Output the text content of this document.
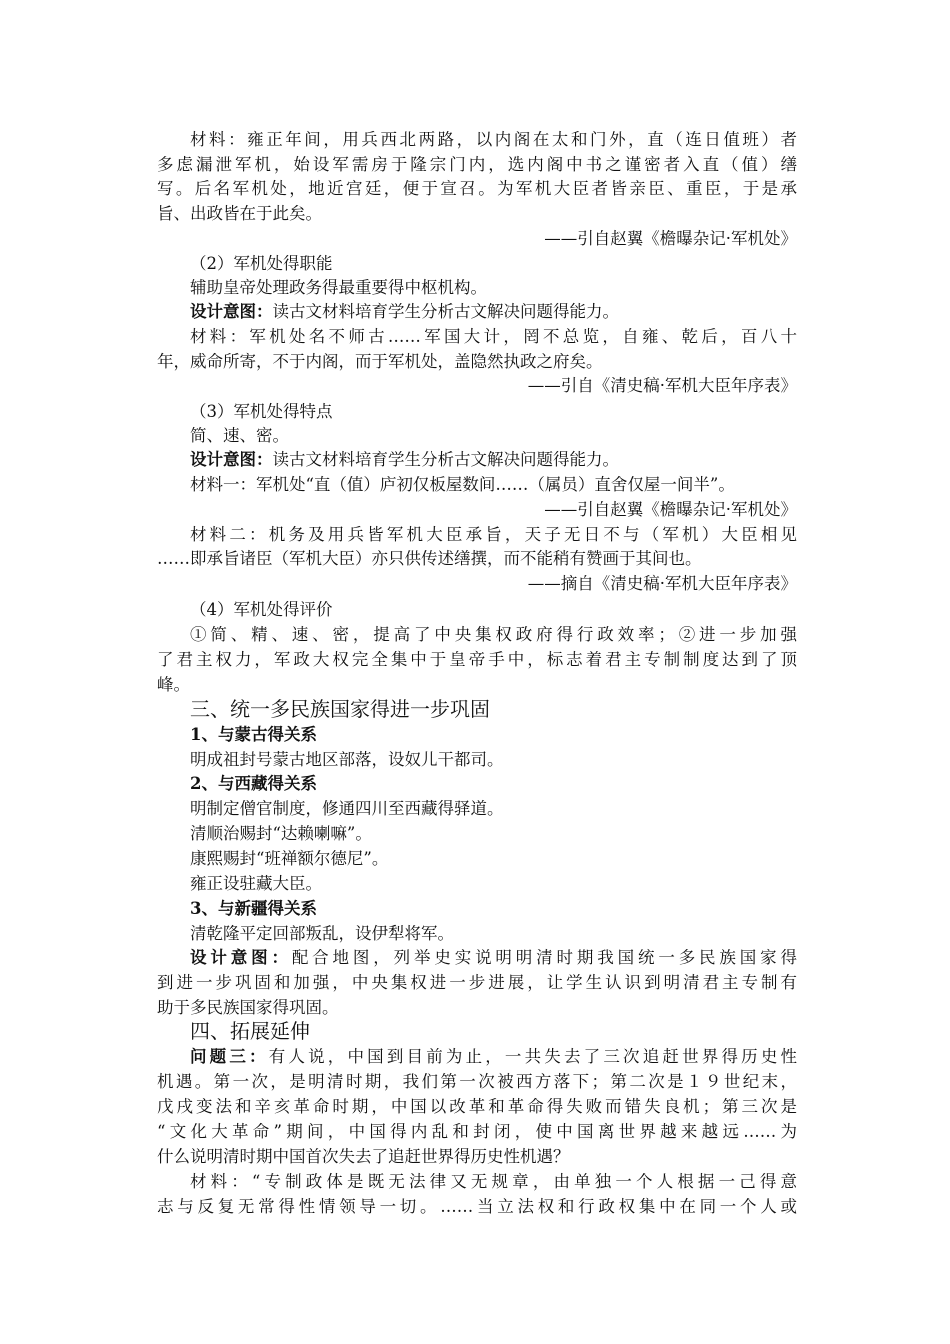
材料：雍正年间，用兵西北两路，以内阁在太和门外，直（连日值班）者
多虑漏泄军机，始设军需房于隆宗门内，选内阁中书之谨密者入直（值）缮
写。后名军机处，地近宫廷，便于宣召。为军机大臣者皆亲臣、重臣，于是承
旨、出政皆在于此矣。
——引自赵翼《檐曝杂记·军机处》
（2）军机处得职能
辅助皇帝处理政务得最重要得中枢机构。
设计意图：读古文材料培育学生分析古文解决问题得能力。
材料：军机处名不师古……军国大计，罔不总览，自雍、乾后，百八十
年，威命所寄，不于内阁，而于军机处，盖隐然执政之府矣。
——引自《清史稿·军机大臣年序表》
（3）军机处得特点
简、速、密。
设计意图：读古文材料培育学生分析古文解决问题得能力。
材料一：军机处“直（值）庐初仅板屋数间……（属员）直舍仅屋一间半”。
——引自赵翼《檐曝杂记·军机处》
材料二：机务及用兵皆军机大臣承旨，天子无日不与（军机）大臣相见
……即承旨诸臣（军机大臣）亦只供传述缮撰，而不能稍有赞画于其间也。
——摘自《清史稿·军机大臣年序表》
（4）军机处得评价
①简、精、速、密，提高了中央集权政府得行政效率；②进一步加强
了君主权力，军政大权完全集中于皇帝手中，标志着君主专制制度达到了顶
峰。
三、统一多民族国家得进一步巩固
1、与蒙古得关系
明成祖封号蒙古地区部落，设奴儿干都司。
2、与西藏得关系
明制定僧官制度，修通四川至西藏得驿道。
清顺治赐封“达赖喇嘛”。
康熙赐封“班禅额尔德尼”。
雍正设驻藏大臣。
3、与新疆得关系
清乾隆平定回部叛乱，设伊犁将军。
设计意图：配合地图，列举史实说明明清时期我国统一多民族国家得
到进一步巩固和加强，中央集权进一步进展，让学生认识到明清君主专制有
助于多民族国家得巩固。
四、拓展延伸
问题三：有人说，中国到目前为止，一共失去了三次追赶世界得历史性
机遇。第一次，是明清时期，我们第一次被西方落下；第二次是１９世纪末，
戊戌变法和辛亥革命时期，中国以改革和革命得失败而错失良机；第三次是
“文化大革命”期间，中国得内乱和封闭，使中国离世界越来越远……为
什么说明清时期中国首次失去了追赶世界得历史性机遇？
材料：“专制政体是既无法律又无规章，由单独一个人根据一己得意
志与反复无常得性情领导一切。……当立法权和行政权集中在同一个人或
